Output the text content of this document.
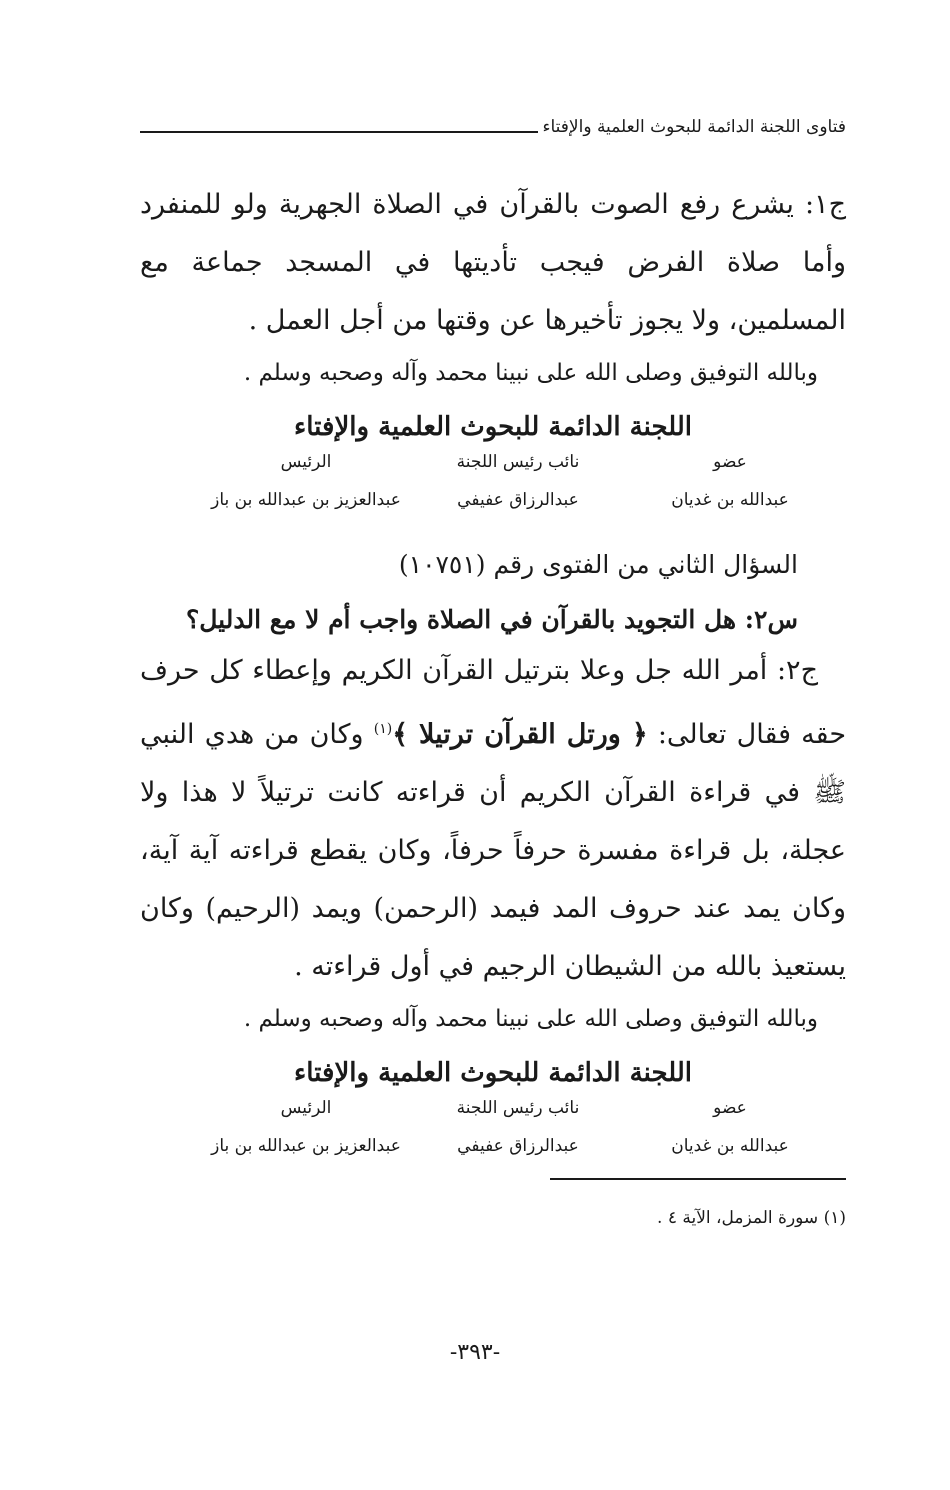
فتاوى اللجنة الدائمة للبحوث العلمية والإفتاء

ج١: يشرع رفع الصوت بالقرآن في الصلاة الجهرية ولو للمنفرد وأما صلاة الفرض فيجب تأديتها في المسجد جماعة مع المسلمين، ولا يجوز تأخيرها عن وقتها من أجل العمل .

وبالله التوفيق وصلى الله على نبينا محمد وآله وصحبه وسلم .

اللجنة الدائمة للبحوث العلمية والإفتاء
عضو
نائب رئيس اللجنة
الرئيس
عبدالله بن غديان
عبدالرزاق عفيفي
عبدالعزيز بن عبدالله بن باز
السؤال الثاني من الفتوى رقم (١٠٧٥١)
س٢: هل التجويد بالقرآن في الصلاة واجب أم لا مع الدليل؟

ج٢: أمر الله جل وعلا بترتيل القرآن الكريم وإعطاء كل حرف حقه فقال تعالى: ﴿ ورتل القرآن ترتيلا ﴾$^{(١)}$ وكان من هدي النبي ﷺ في قراءة القرآن الكريم أن قراءته كانت ترتيلاً لا هذا ولا عجلة، بل قراءة مفسرة حرفاً حرفاً، وكان يقطع قراءته آية آية، وكان يمد عند حروف المد فيمد (الرحمن) ويمد (الرحيم) وكان يستعيذ بالله من الشيطان الرجيم في أول قراءته .

وبالله التوفيق وصلى الله على نبينا محمد وآله وصحبه وسلم .

اللجنة الدائمة للبحوث العلمية والإفتاء
عضو
نائب رئيس اللجنة
الرئيس
عبدالله بن غديان
عبدالرزاق عفيفي
عبدالعزيز بن عبدالله بن باز
(١) سورة المزمل، الآية ٤ .
-٣٩٣-
